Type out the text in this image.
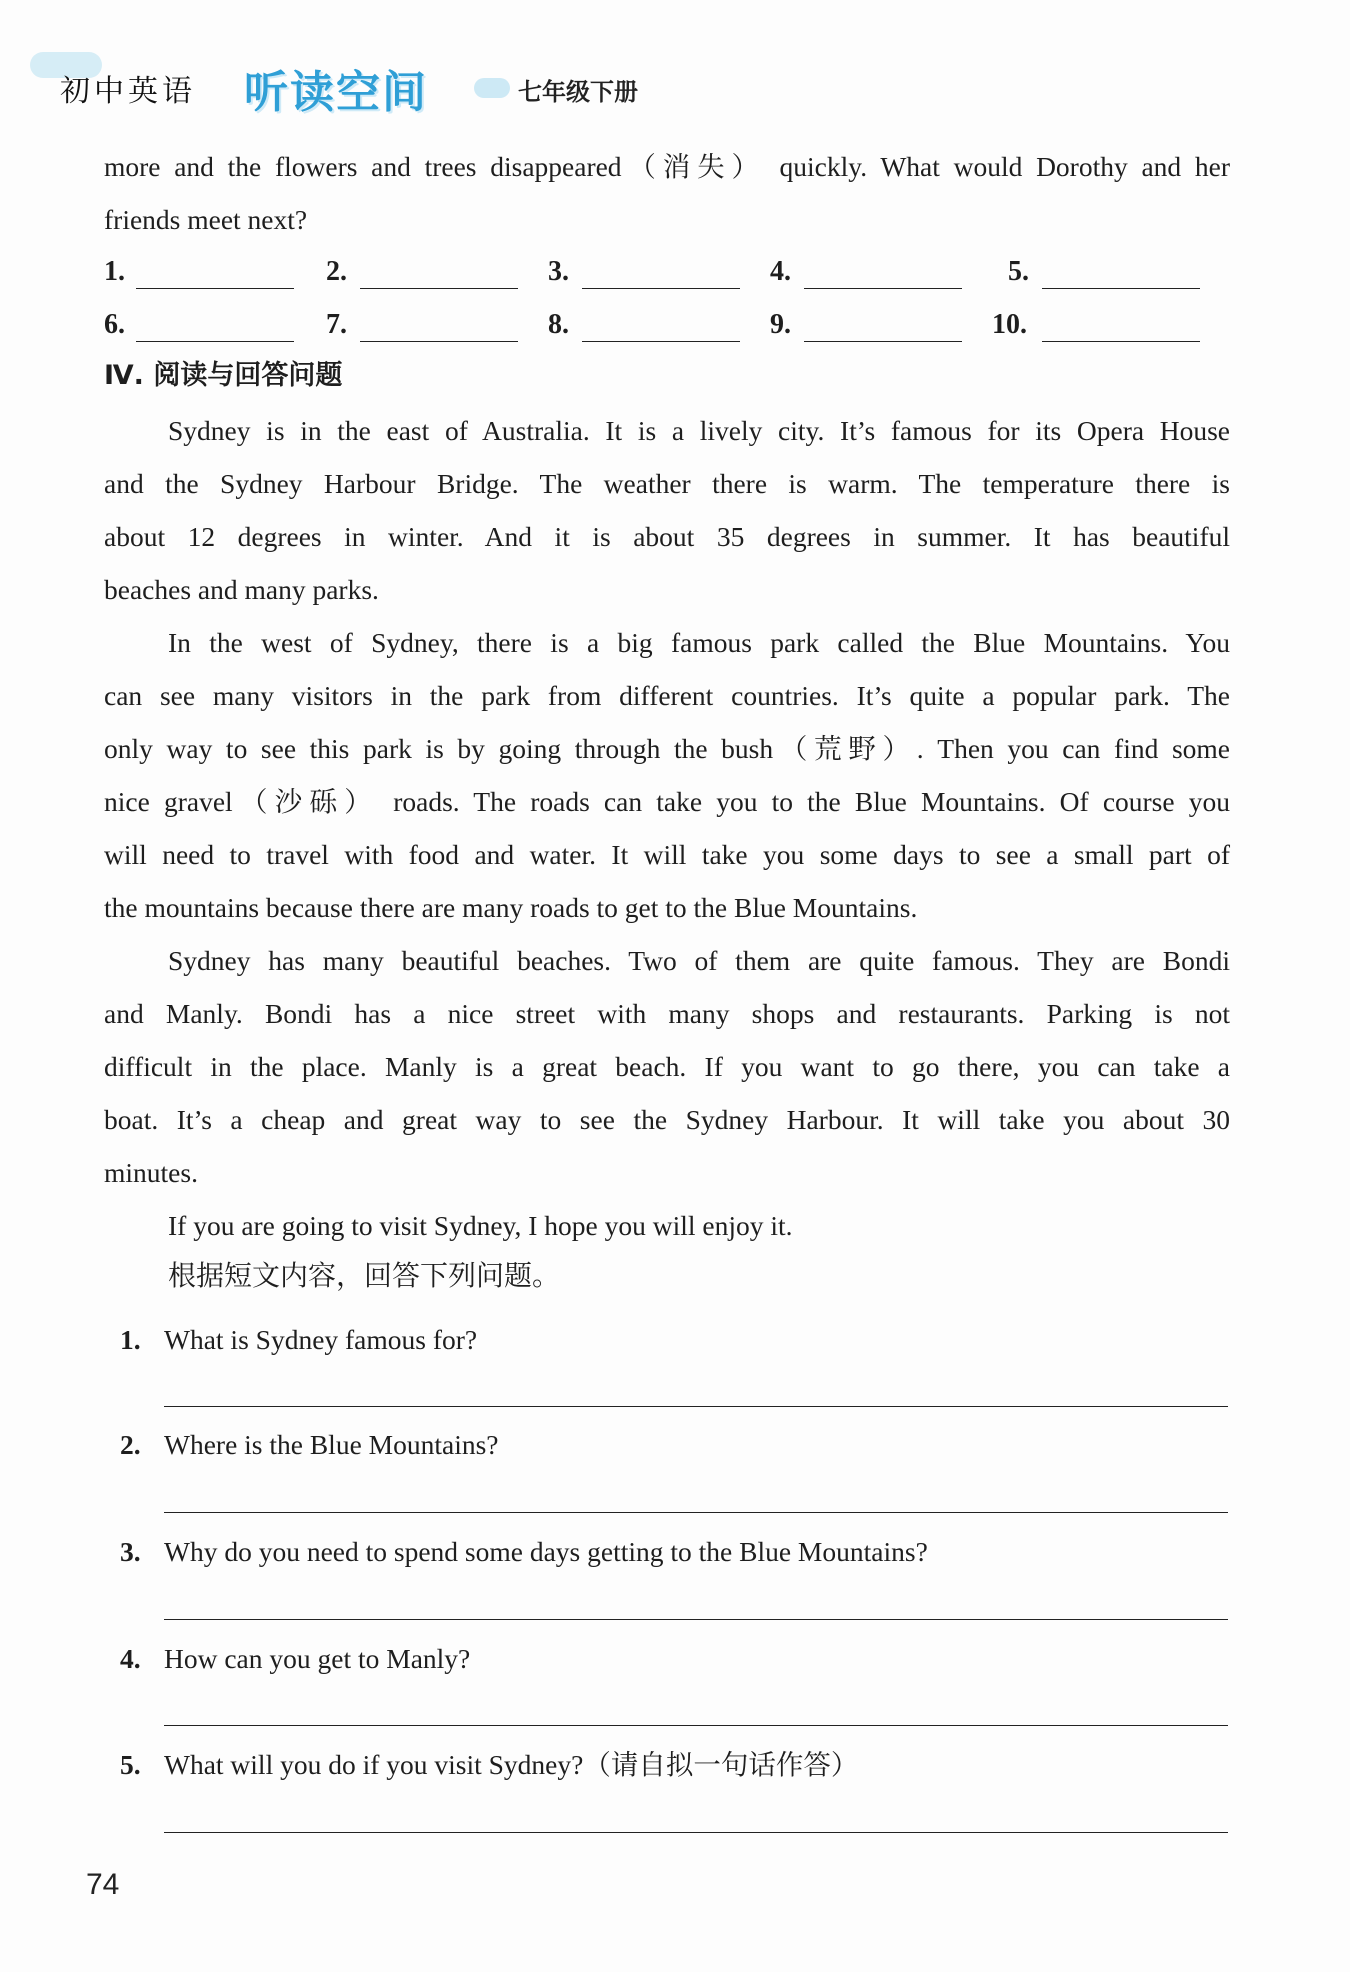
初中英语 听读空间	七年级下册
more and the flowers and trees disappeared（消失） quickly. What would Dorothy and her
friends meet next?
1.	2.	3.	4.	5.
6.	7.	8.	9.	10.
Ⅳ. 阅读与回答问题
Sydney is in the east of Australia. It is a lively city. It’s famous for its Opera House
and the Sydney Harbour Bridge. The weather there is warm. The temperature there is
about 12 degrees in winter. And it is about 35 degrees in summer. It has beautiful
beaches and many parks.
In the west of Sydney, there is a big famous park called the Blue Mountains. You
can see many visitors in the park from different countries. It’s quite a popular park. The
only way to see this park is by going through the bush（荒野）. Then you can find some
nice gravel（沙砾） roads. The roads can take you to the Blue Mountains. Of course you
will need to travel with food and water. It will take you some days to see a small part of
the mountains because there are many roads to get to the Blue Mountains.
Sydney has many beautiful beaches. Two of them are quite famous. They are Bondi
and Manly. Bondi has a nice street with many shops and restaurants. Parking is not
difficult in the place. Manly is a great beach. If you want to go there, you can take a
boat. It’s a cheap and great way to see the Sydney Harbour. It will take you about 30
minutes.
If you are going to visit Sydney, I hope you will enjoy it.
根据短文内容，回答下列问题。
1. What is Sydney famous for?
2. Where is the Blue Mountains?
3. Why do you need to spend some days getting to the Blue Mountains?
4. How can you get to Manly?
5. What will you do if you visit Sydney?（请自拟一句话作答）
74
